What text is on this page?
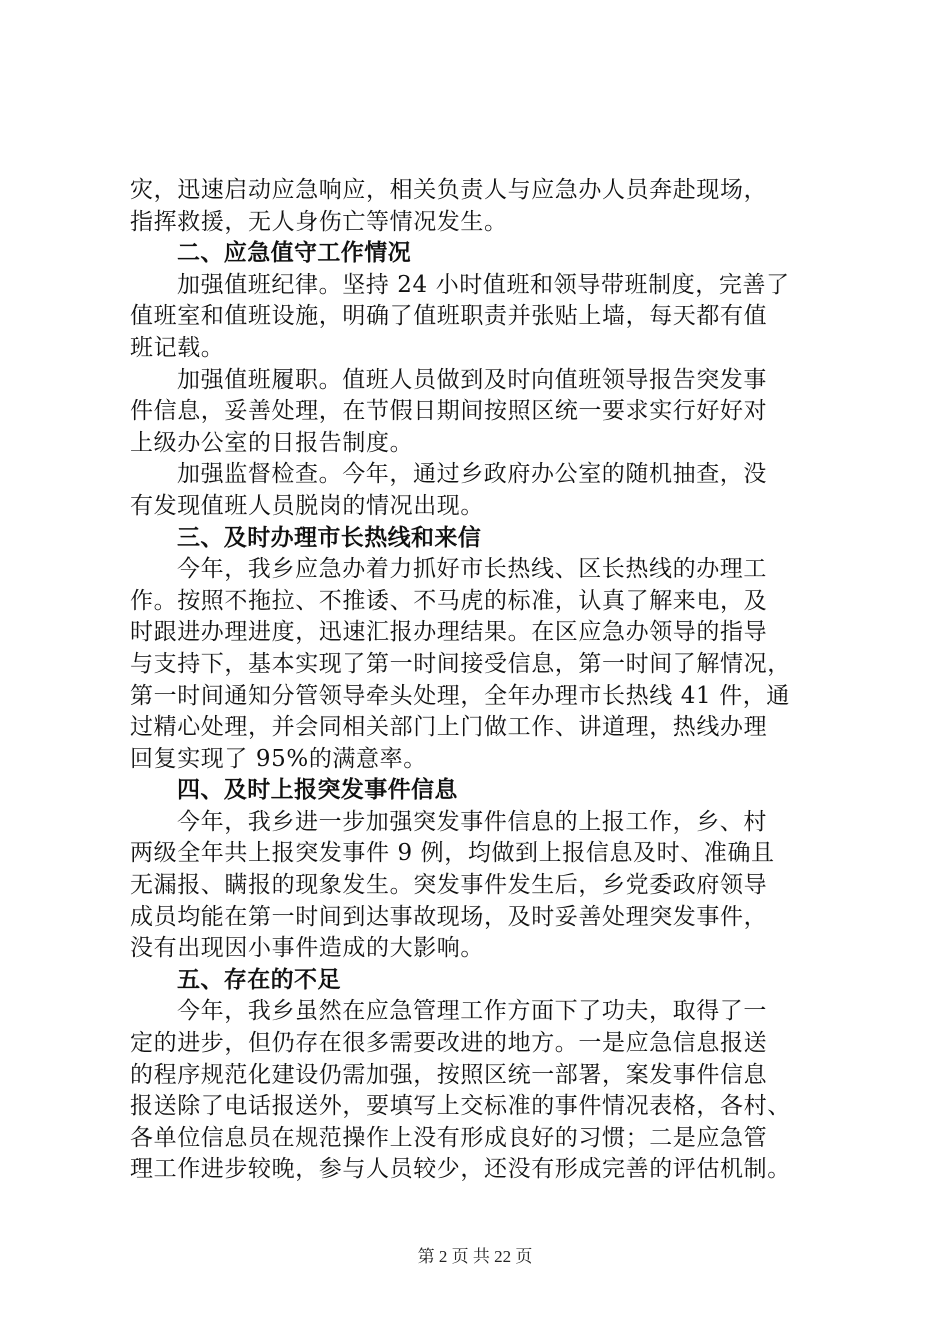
灾，迅速启动应急响应，相关负责人与应急办人员奔赴现场，
指挥救援，无人身伤亡等情况发生。
二、应急值守工作情况
加强值班纪律。坚持 24 小时值班和领导带班制度，完善了
值班室和值班设施，明确了值班职责并张贴上墙，每天都有值
班记载。
加强值班履职。值班人员做到及时向值班领导报告突发事
件信息，妥善处理，在节假日期间按照区统一要求实行好好对
上级办公室的日报告制度。
加强监督检查。今年，通过乡政府办公室的随机抽查，没
有发现值班人员脱岗的情况出现。
三、及时办理市长热线和来信
今年，我乡应急办着力抓好市长热线、区长热线的办理工
作。按照不拖拉、不推诿、不马虎的标准，认真了解来电，及
时跟进办理进度，迅速汇报办理结果。在区应急办领导的指导
与支持下，基本实现了第一时间接受信息，第一时间了解情况，
第一时间通知分管领导牵头处理，全年办理市长热线 41 件，通
过精心处理，并会同相关部门上门做工作、讲道理，热线办理
回复实现了 95%的满意率。
四、及时上报突发事件信息
今年，我乡进一步加强突发事件信息的上报工作，乡、村
两级全年共上报突发事件 9 例，均做到上报信息及时、准确且
无漏报、瞒报的现象发生。突发事件发生后，乡党委政府领导
成员均能在第一时间到达事故现场，及时妥善处理突发事件，
没有出现因小事件造成的大影响。
五、存在的不足
今年，我乡虽然在应急管理工作方面下了功夫，取得了一
定的进步，但仍存在很多需要改进的地方。一是应急信息报送
的程序规范化建设仍需加强，按照区统一部署，案发事件信息
报送除了电话报送外，要填写上交标准的事件情况表格，各村、
各单位信息员在规范操作上没有形成良好的习惯；二是应急管
理工作进步较晚，参与人员较少，还没有形成完善的评估机制。
第 2 页 共 22 页
